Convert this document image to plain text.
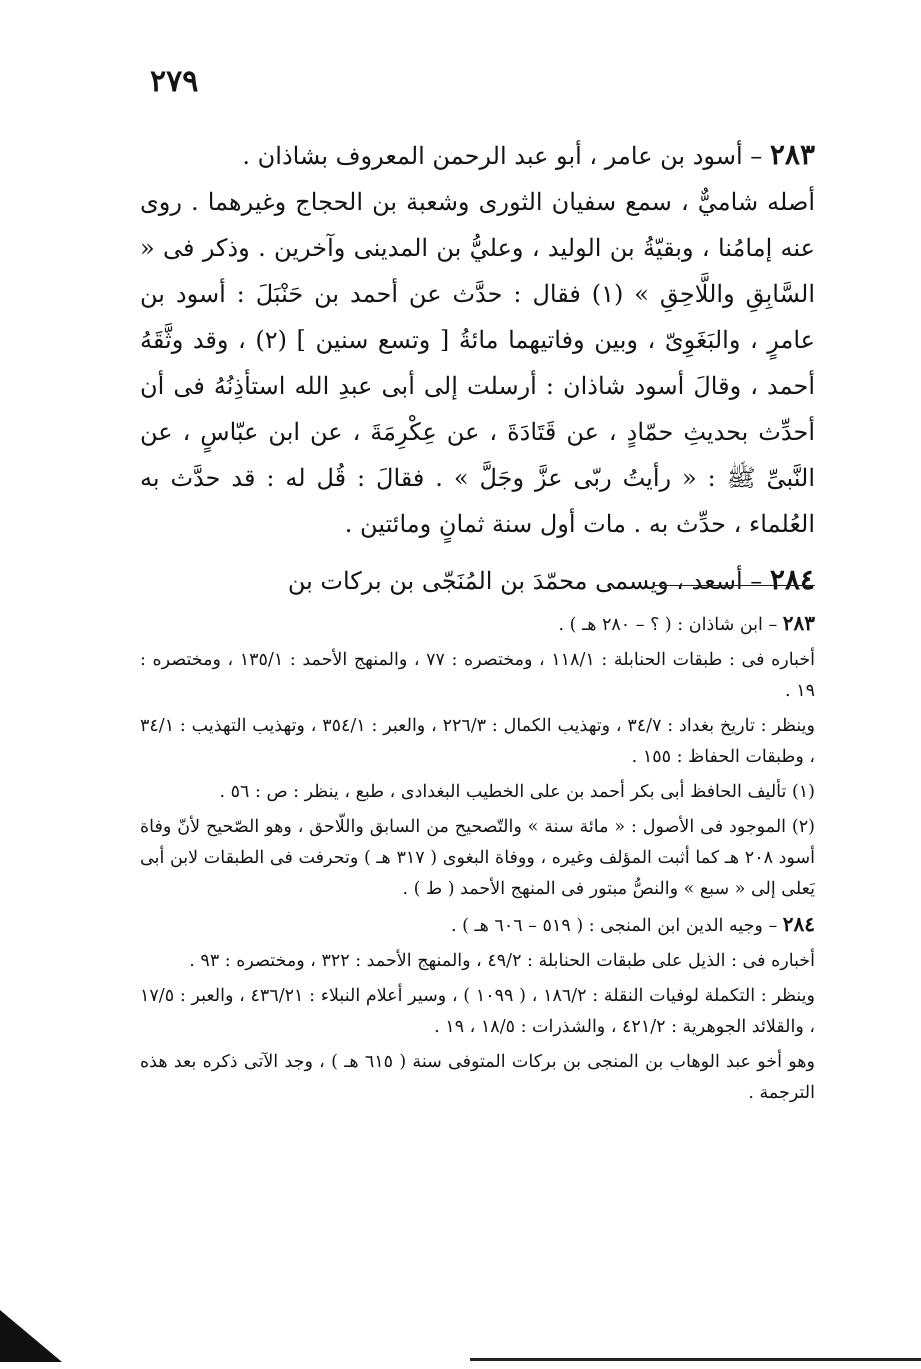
٢٧٩

٢٨٣ – أسود بن عامر ، أبو عبد الرحمن المعروف بشاذان .

أصله شاميٌّ ، سمع سفيان الثورى وشعبة بن الحجاج وغيرهما . روى عنه إمامُنا ، وبقيّةُ بن الوليد ، وعليُّ بن المدينى وآخرين . وذكر فى « السَّابِقِ واللَّاحِقِ » (١) فقال : حدَّث عن أحمد بن حَنْبَلَ : أسود بن عامرٍ ، والبَغَوِىّ ، وبين وفاتيهما مائةُ [ وتسع سنين ] (٢) ، وقد وثَّقَهُ أحمد ، وقالَ أسود شاذان : أرسلت إلى أبى عبدِ الله استأذِنُهُ فى أن أحدِّث بحديثِ حمّادٍ ، عن قَتَادَةَ ، عن عِكْرِمَةَ ، عن ابن عبّاسٍ ، عن النَّبىِّ ﷺ : « رأيتُ ربّى عزَّ وجَلَّ » . فقالَ : قُل له : قد حدَّث به العُلماء ، حدِّث به . مات أول سنة ثمانٍ ومائتين .

٢٨٤ – أسعد ، ويسمى محمّدَ بن المُنَجّى بن بركات بن

٢٨٣ – ابن شاذان : ( ؟ – ٢٨٠ هـ ) .

أخباره فى : طبقات الحنابلة : ١١٨/١ ، ومختصره : ٧٧ ، والمنهج الأحمد : ١٣٥/١ ، ومختصره : ١٩ .

وينظر : تاريخ بغداد : ٣٤/٧ ، وتهذيب الكمال : ٢٢٦/٣ ، والعبر : ٣٥٤/١ ، وتهذيب التهذيب : ٣٤/١ ، وطبقات الحفاظ : ١٥٥ .

(١) تأليف الحافظ أبى بكر أحمد بن على الخطيب البغدادى ، طبع ، ينظر : ص : ٥٦ .

(٢) الموجود فى الأصول : « مائة سنة » والتّصحيح من السابق واللّاحق ، وهو الصّحيح لأنّ وفاة أسود ٢٠٨ هـ كما أثبت المؤلف وغيره ، ووفاة البغوى ( ٣١٧ هـ ) وتحرفت فى الطبقات لابن أبى يَعلى إلى « سبع » والنصُّ مبتور فى المنهج الأحمد ( ط ) .

٢٨٤ – وجيه الدين ابن المنجى : ( ٥١٩ – ٦٠٦ هـ ) .

أخباره فى : الذيل على طبقات الحنابلة : ٤٩/٢ ، والمنهج الأحمد : ٣٢٢ ، ومختصره : ٩٣ .

وينظر : التكملة لوفيات النقلة : ١٨٦/٢ ، ( ١٠٩٩ ) ، وسير أعلام النبلاء : ٤٣٦/٢١ ، والعبر : ١٧/٥ ، والقلائد الجوهرية : ٤٢١/٢ ، والشذرات : ١٨/٥ ، ١٩ .

وهو أخو عبد الوهاب بن المنجى بن بركات المتوفى سنة ( ٦١٥ هـ ) ، وجد الآتى ذكره بعد هذه الترجمة .
